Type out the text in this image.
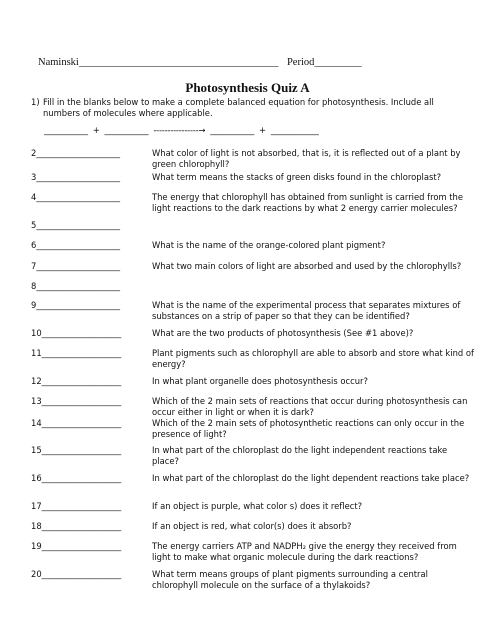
Naminski______________________________________ Period_________
Photosynthesis Quiz A
1) Fill in the blanks below to make a complete balanced equation for photosynthesis. Include all numbers of molecules where applicable.
___________  +  ___________  ----------------→  ___________  +  ____________
2____________________	What color of light is not absorbed, that is, it is reflected out of a plant by green chlorophyll?
3____________________	What term means the stacks of green disks found in the chloroplast?
4____________________	The energy that chlorophyll has obtained from sunlight is carried from the light reactions to the dark reactions by what 2 energy carrier molecules?
5____________________
6____________________	What is the name of the orange-colored plant pigment?
7____________________	What two main colors of light are absorbed and used by the chlorophylls?
8____________________
9____________________	What is the name of the experimental process that separates mixtures of substances on a strip of paper so that they can be identified?
10___________________	What are the two products of photosynthesis (See #1 above)?
11___________________	Plant pigments such as chlorophyll are able to absorb and store what kind of energy?
12___________________	In what plant organelle does photosynthesis occur?
13___________________	Which of the 2 main sets of reactions that occur during photosynthesis can occur either in light or when it is dark?
14___________________	Which of the 2 main sets of photosynthetic reactions can only occur in the presence of light?
15___________________	In what part of the chloroplast do the light independent reactions take place?
16___________________	In what part of the chloroplast do the light dependent reactions take place?
17___________________	If an object is purple, what color s) does it reflect?
18___________________	If an object is red, what color(s) does it absorb?
19___________________	The energy carriers ATP and NADPH₂ give the energy they received from light to make what organic molecule during the dark reactions?
20___________________	What term means groups of plant pigments surrounding a central chlorophyll molecule on the surface of a thylakoids?
